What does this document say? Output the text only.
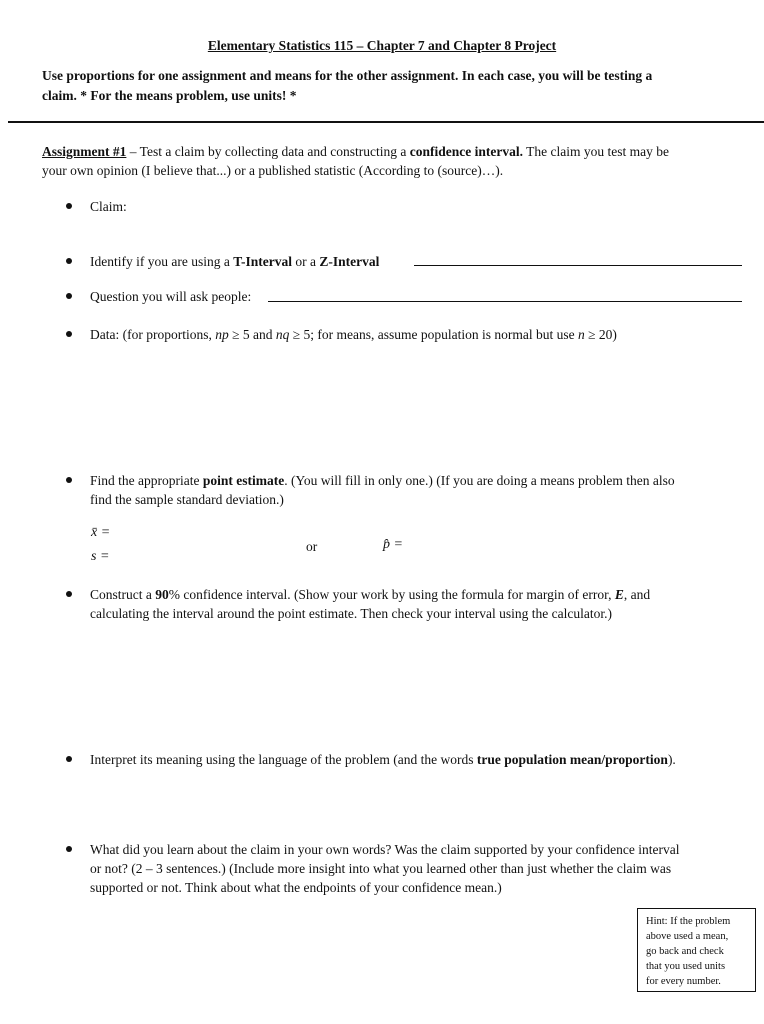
Elementary Statistics 115 – Chapter 7 and Chapter 8 Project
Use proportions for one assignment and means for the other assignment. In each case, you will be testing a
claim. * For the means problem, use units! *
Assignment #1 – Test a claim by collecting data and constructing a confidence interval. The claim you test may be
your own opinion (I believe that...) or a published statistic (According to (source)…).
Claim:
Identify if you are using a T-Interval or a Z-Interval
Question you will ask people:
Data: (for proportions, np ≥ 5 and nq ≥ 5; for means, assume population is normal but use n ≥ 20)
Find the appropriate point estimate. (You will fill in only one.) (If you are doing a means problem then also
find the sample standard deviation.)
x̄ =
s =
or	p̂ =
Construct a 90% confidence interval. (Show your work by using the formula for margin of error, E, and
calculating the interval around the point estimate. Then check your interval using the calculator.)
Interpret its meaning using the language of the problem (and the words true population mean/proportion).
What did you learn about the claim in your own words? Was the claim supported by your confidence interval
or not? (2 – 3 sentences.) (Include more insight into what you learned other than just whether the claim was
supported or not. Think about what the endpoints of your confidence mean.)
Hint: If the problem
above used a mean,
go back and check
that you used units
for every number.
